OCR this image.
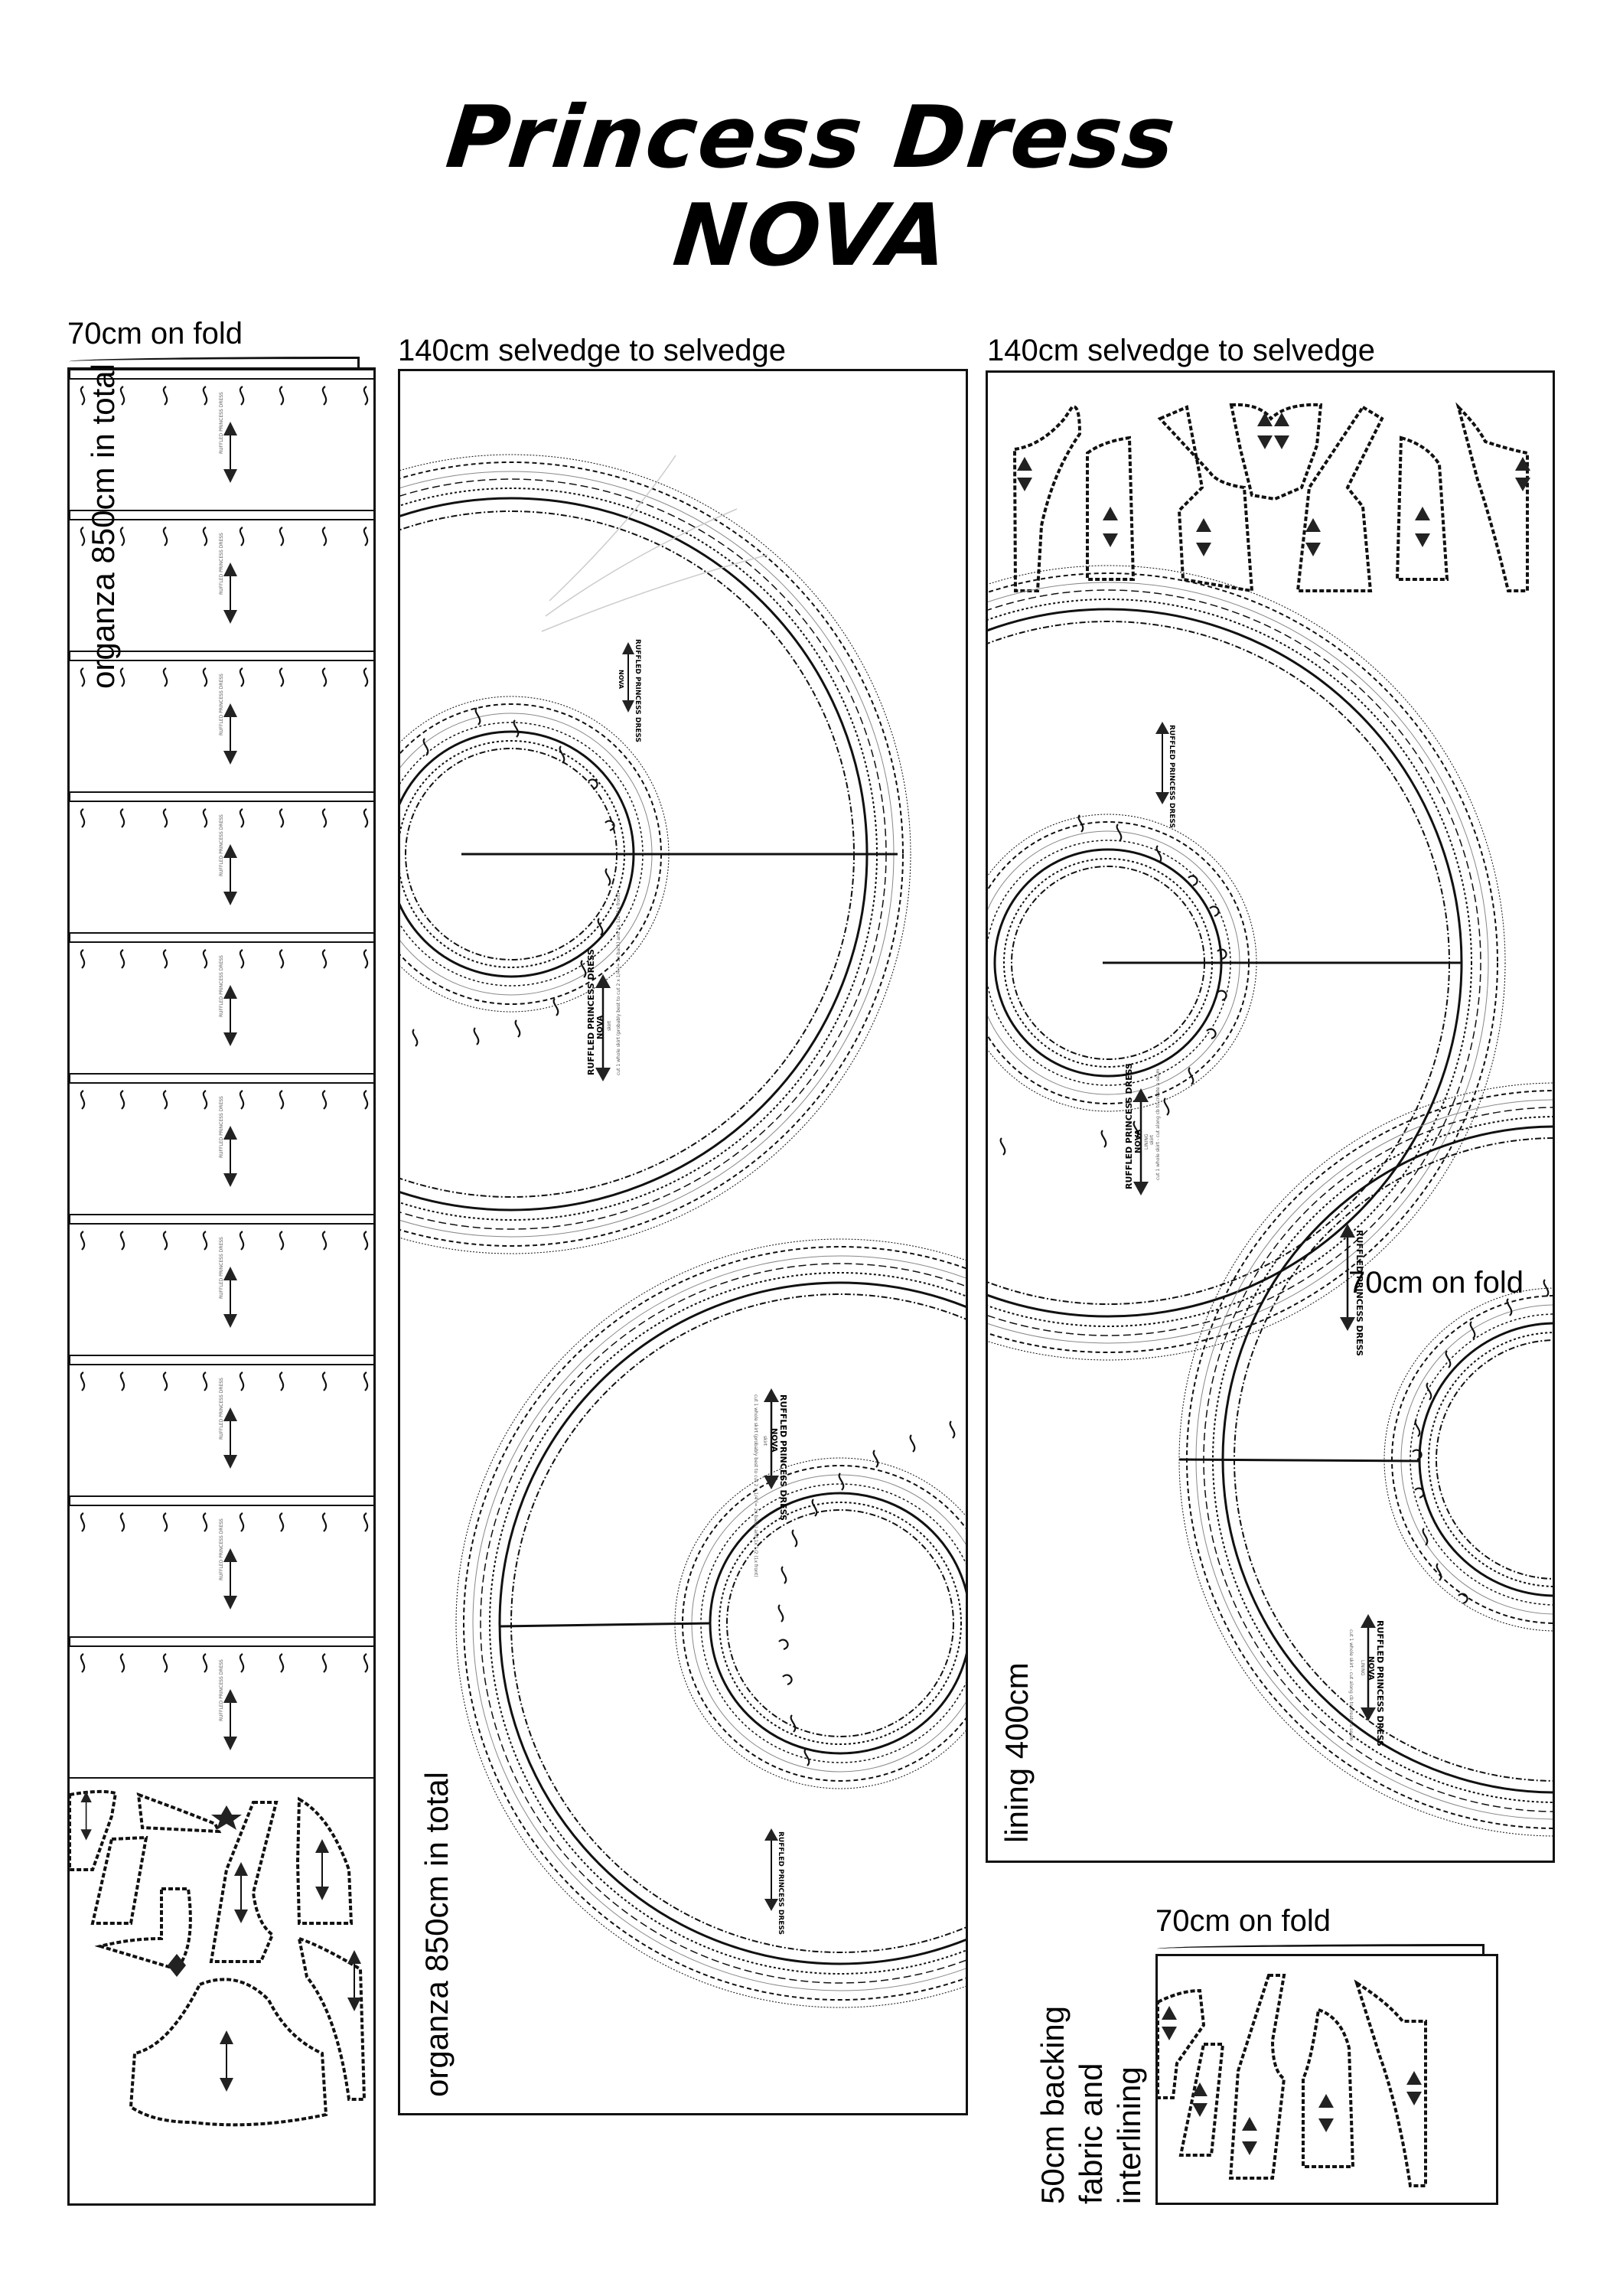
Princess Dress
NOVA
70cm on fold
organza 850cm in total
140cm selvedge to selvedge
RUFFLED PRINCESS DRESS
NOVA
RUFFLED PRINCESS DRESS NOVA skirt cut 1 whole skirt (probably best to cut 2 x 1/4 (= 2x back) and 1x 1/2 (1x front)
RUFFLED PRINCESS DRESS
NOVA
skirt
cut 1 whole skirt (probably best to cut 2 x 1/4 (= 2x back) and 1x 1/2 (1x front)
RUFFLED PRINCESS DRESS
organza 850cm in total
140cm selvedge to selvedge
RUFFLED PRINCESS DRESS
RUFFLED PRINCESS DRESS NOVA LINING skirt cut 1 whole skirt - cut along cb to create a seam
RUFFLED PRINCESS DRESS
RUFFLED PRINCESS DRESS
NOVA
LINING
cut 1 whole skirt - cut along cb to create a seam
70cm on fold
lining 400cm
70cm on fold
50cm backing fabric and interlining
